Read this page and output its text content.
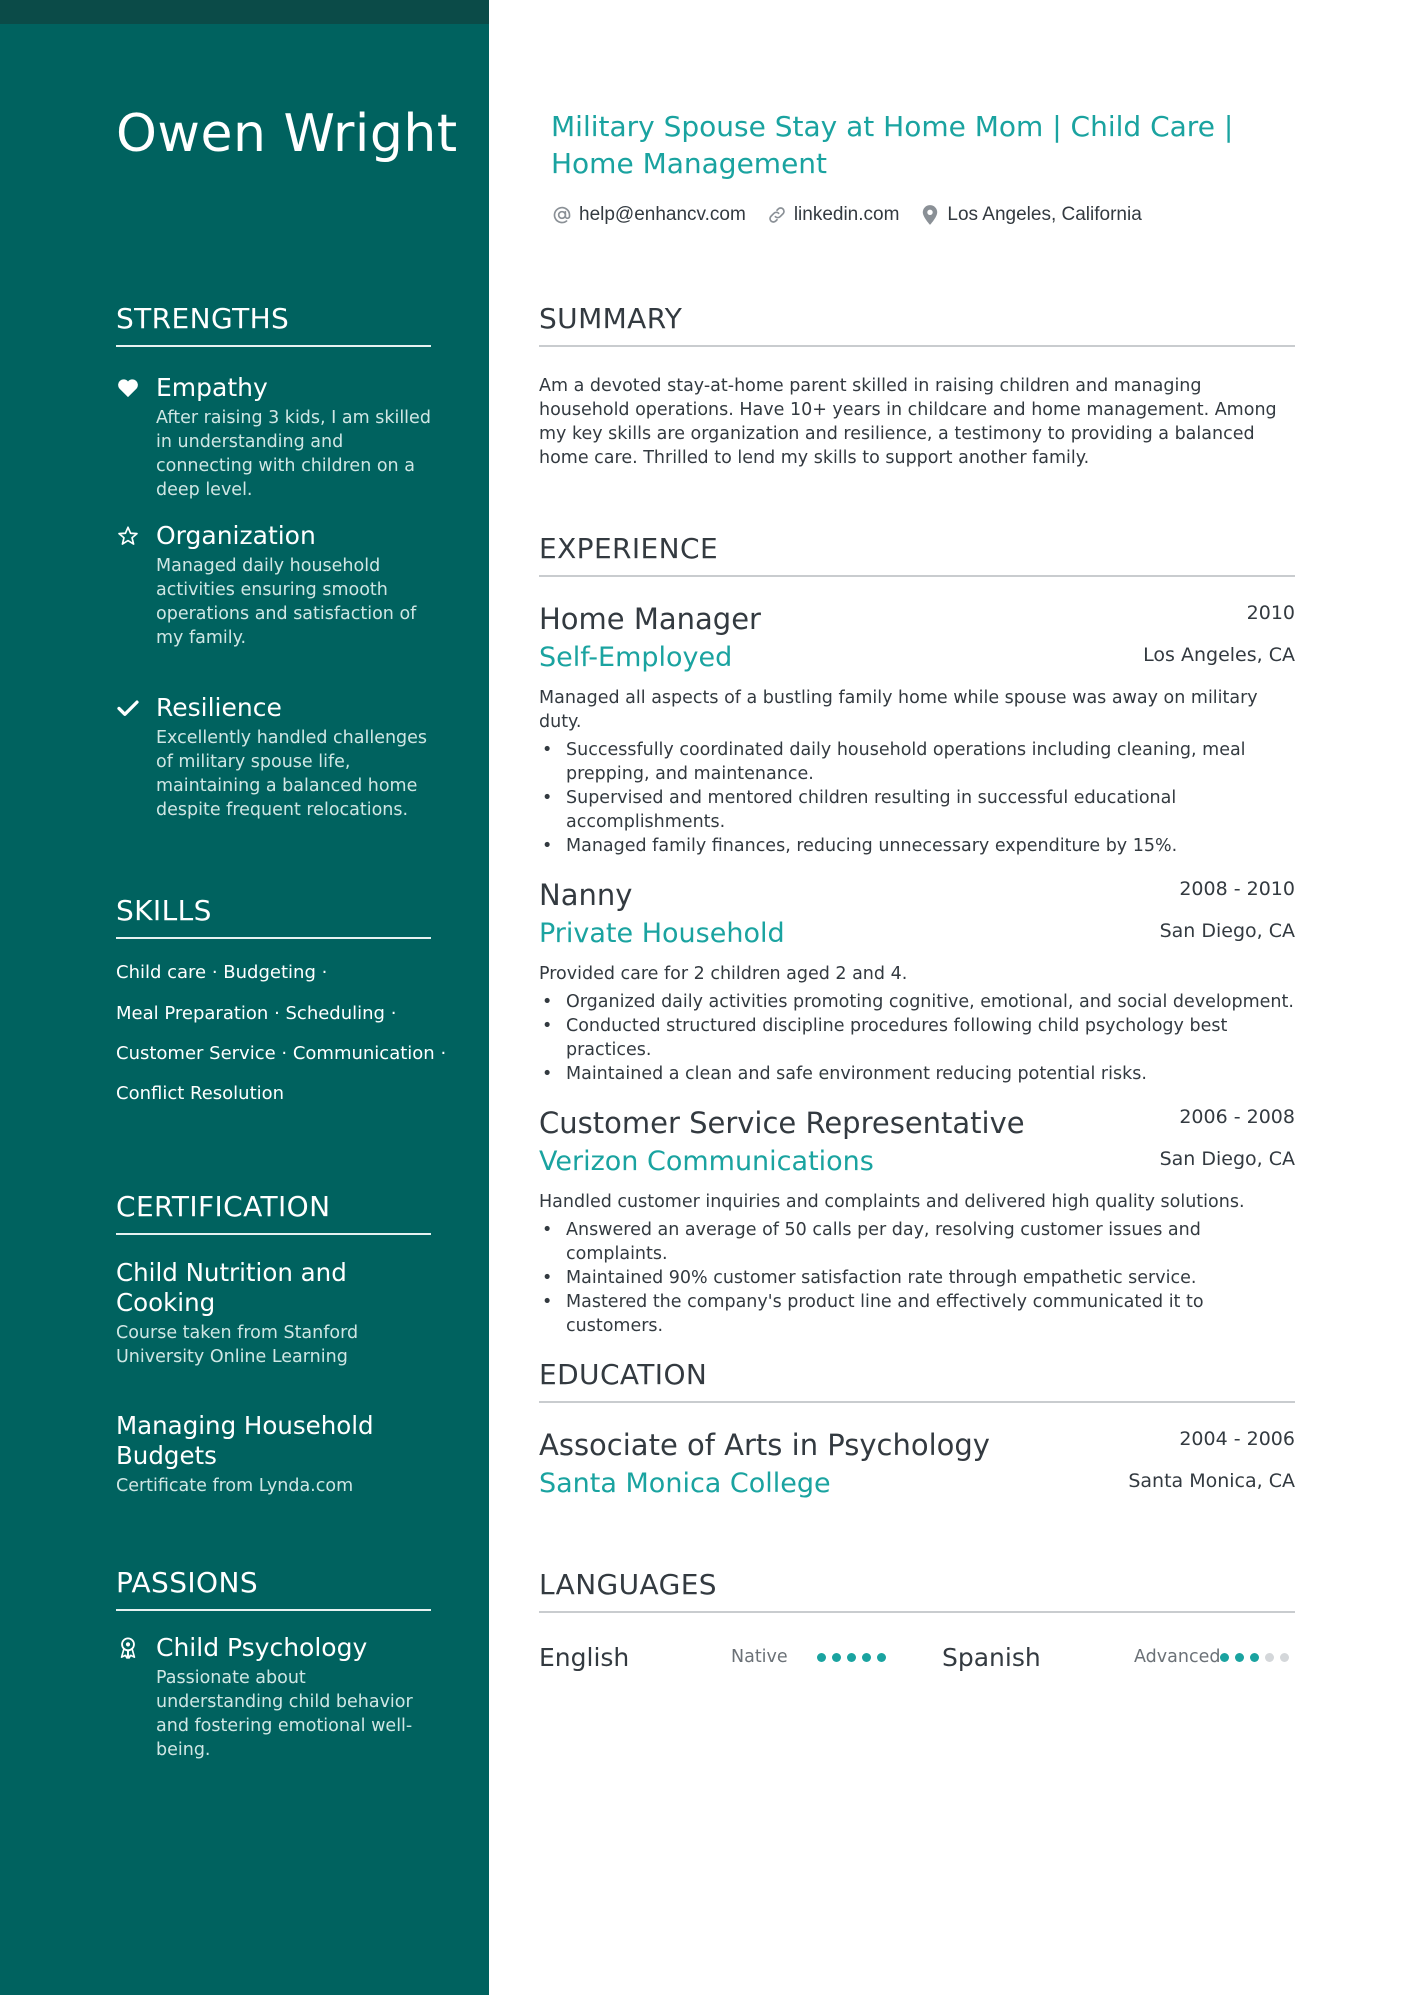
Owen Wright
STRENGTHS
Empathy
After raising 3 kids, I am skilled in understanding and connecting with children on a deep level.
Organization
Managed daily household activities ensuring smooth operations and satisfaction of my family.
Resilience
Excellently handled challenges of military spouse life, maintaining a balanced home despite frequent relocations.
SKILLS
Child care · Budgeting ·
Meal Preparation · Scheduling ·
Customer Service · Communication ·
Conflict Resolution
CERTIFICATION
Child Nutrition and Cooking
Course taken from Stanford University Online Learning
Managing Household Budgets
Certificate from Lynda.com
PASSIONS
Child Psychology
Passionate about understanding child behavior and fostering emotional well-being.
Military Spouse Stay at Home Mom | Child Care | Home Management
help@enhancv.com	linkedin.com	Los Angeles, California
SUMMARY
Am a devoted stay-at-home parent skilled in raising children and managing household operations. Have 10+ years in childcare and home management. Among my key skills are organization and resilience, a testimony to providing a balanced home care. Thrilled to lend my skills to support another family.
EXPERIENCE
Home Manager	2010
Self-Employed	Los Angeles, CA
Managed all aspects of a bustling family home while spouse was away on military duty.
• Successfully coordinated daily household operations including cleaning, meal prepping, and maintenance.
• Supervised and mentored children resulting in successful educational accomplishments.
• Managed family finances, reducing unnecessary expenditure by 15%.
Nanny	2008 - 2010
Private Household	San Diego, CA
Provided care for 2 children aged 2 and 4.
• Organized daily activities promoting cognitive, emotional, and social development.
• Conducted structured discipline procedures following child psychology best practices.
• Maintained a clean and safe environment reducing potential risks.
Customer Service Representative	2006 - 2008
Verizon Communications	San Diego, CA
Handled customer inquiries and complaints and delivered high quality solutions.
• Answered an average of 50 calls per day, resolving customer issues and complaints.
• Maintained 90% customer satisfaction rate through empathetic service.
• Mastered the company's product line and effectively communicated it to customers.
EDUCATION
Associate of Arts in Psychology	2004 - 2006
Santa Monica College	Santa Monica, CA
LANGUAGES
English	Native	Spanish	Advanced
